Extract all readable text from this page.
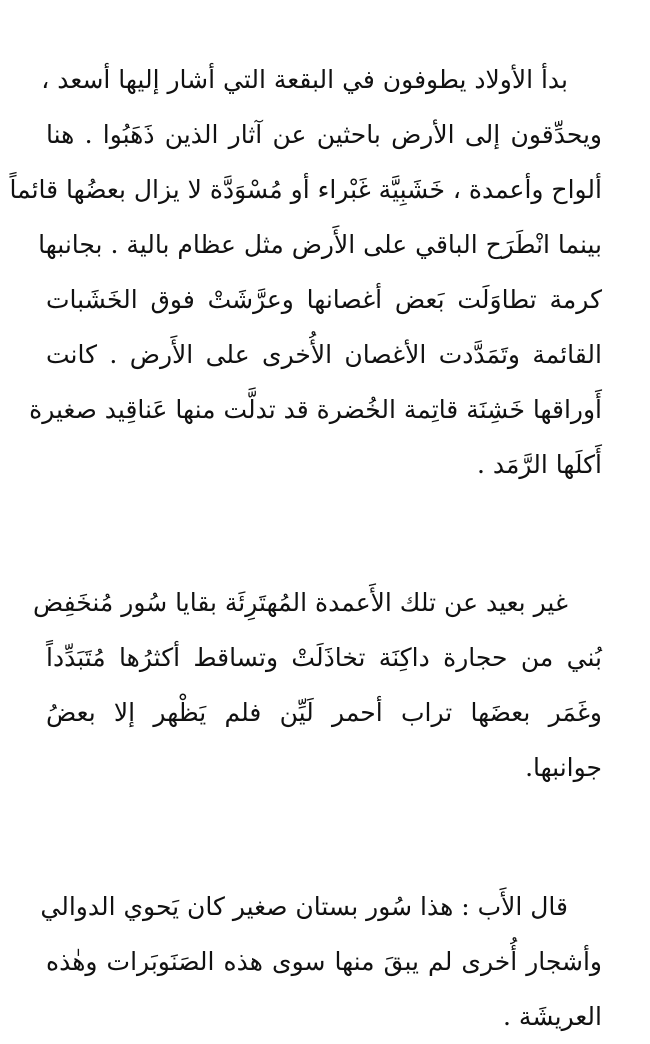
بدأ الأولاد يطوفون في البقعة التي أشار إليها أسعد ،
ويحدِّقون إلى الأرض باحثين عن آثار الذين ذَهَبُوا . هنا
ألواح وأعمدة ، خَشَبِيَّة غَبْراء أو مُسْوَدَّة لا يزال بعضُها قائماً
بينما انْطَرَح الباقي على الأَرض مثل عظام بالية . بجانبها
كرمة تطاوَلَت بَعض أغصانها وعرَّشَتْ فوق الخَشَبات
القائمة وتَمَدَّدت الأغصان الأُخرى على الأَرض . كانت
أَوراقها خَشِنَة قاتِمة الخُضرة قد تدلَّت منها عَناقِيد صغيرة
أَكلَها الرَّمَد .
غير بعيد عن تلك الأَعمدة المُهتَرِئَة بقايا سُور مُنخَفِض
بُني من حجارة داكِنَة تخاذَلَتْ وتساقط أكثرُها مُتَبَدِّداً
وغَمَر بعضَها تراب أحمر لَيِّن فلم يَظْهر إلا بعضُ
جوانبها.
قال الأَب : هذا سُور بستان صغير كان يَحوي الدوالي
وأشجار أُخرى لم يبقَ منها سوى هذه الصَنَوبَرات وهٰذه
العريشَة .
